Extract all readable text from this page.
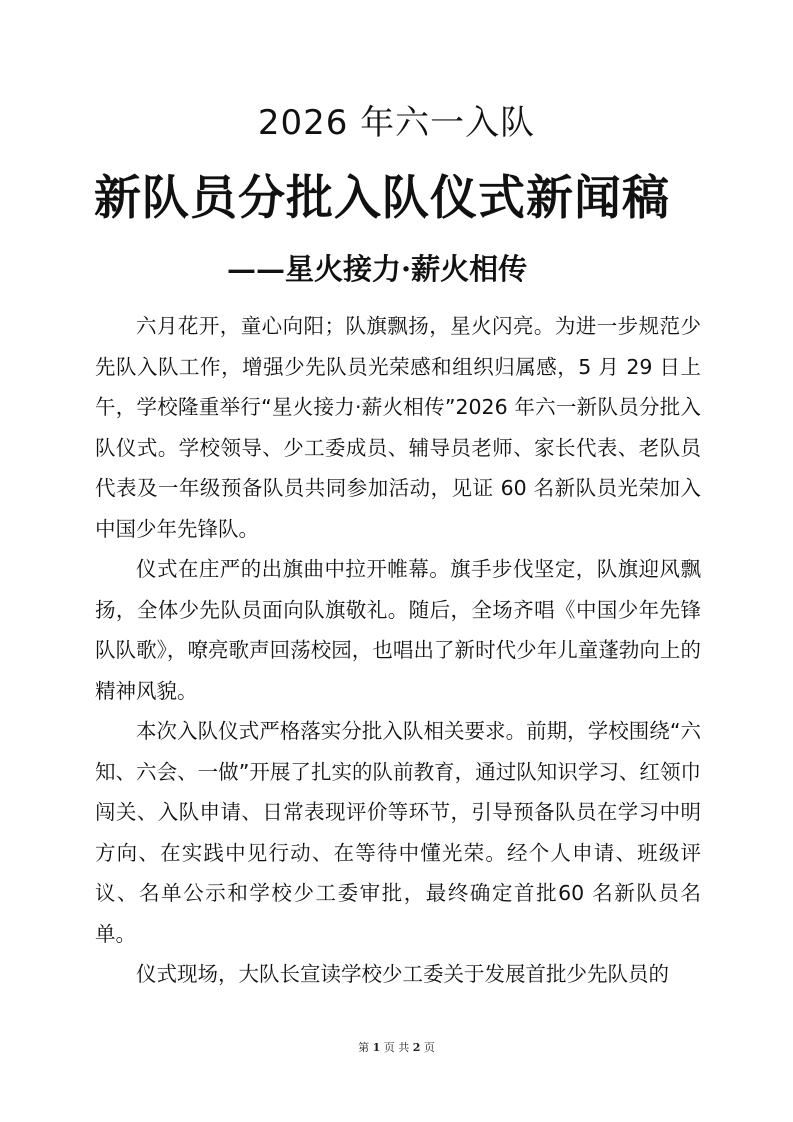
2026 年六一入队
新队员分批入队仪式新闻稿
——星火接力·薪火相传

六月花开，童心向阳；队旗飘扬，星火闪亮。为进一步规范少先队入队工作，增强少先队员光荣感和组织归属感，5 月 29 日上午，学校隆重举行“星火接力·薪火相传”2026 年六一新队员分批入队仪式。学校领导、少工委成员、辅导员老师、家长代表、老队员代表及一年级预备队员共同参加活动，见证 60 名新队员光荣加入中国少年先锋队。

仪式在庄严的出旗曲中拉开帷幕。旗手步伐坚定，队旗迎风飘扬，全体少先队员面向队旗敬礼。随后，全场齐唱《中国少年先锋队队歌》，嘹亮歌声回荡校园，也唱出了新时代少年儿童蓬勃向上的精神风貌。

本次入队仪式严格落实分批入队相关要求。前期，学校围绕“六知、六会、一做”开展了扎实的队前教育，通过队知识学习、红领巾闯关、入队申请、日常表现评价等环节，引导预备队员在学习中明方向、在实践中见行动、在等待中懂光荣。经个人申请、班级评议、名单公示和学校少工委审批，最终确定首批60 名新队员名单。

仪式现场，大队长宣读学校少工委关于发展首批少先队员的

第 1 页 共 2 页
